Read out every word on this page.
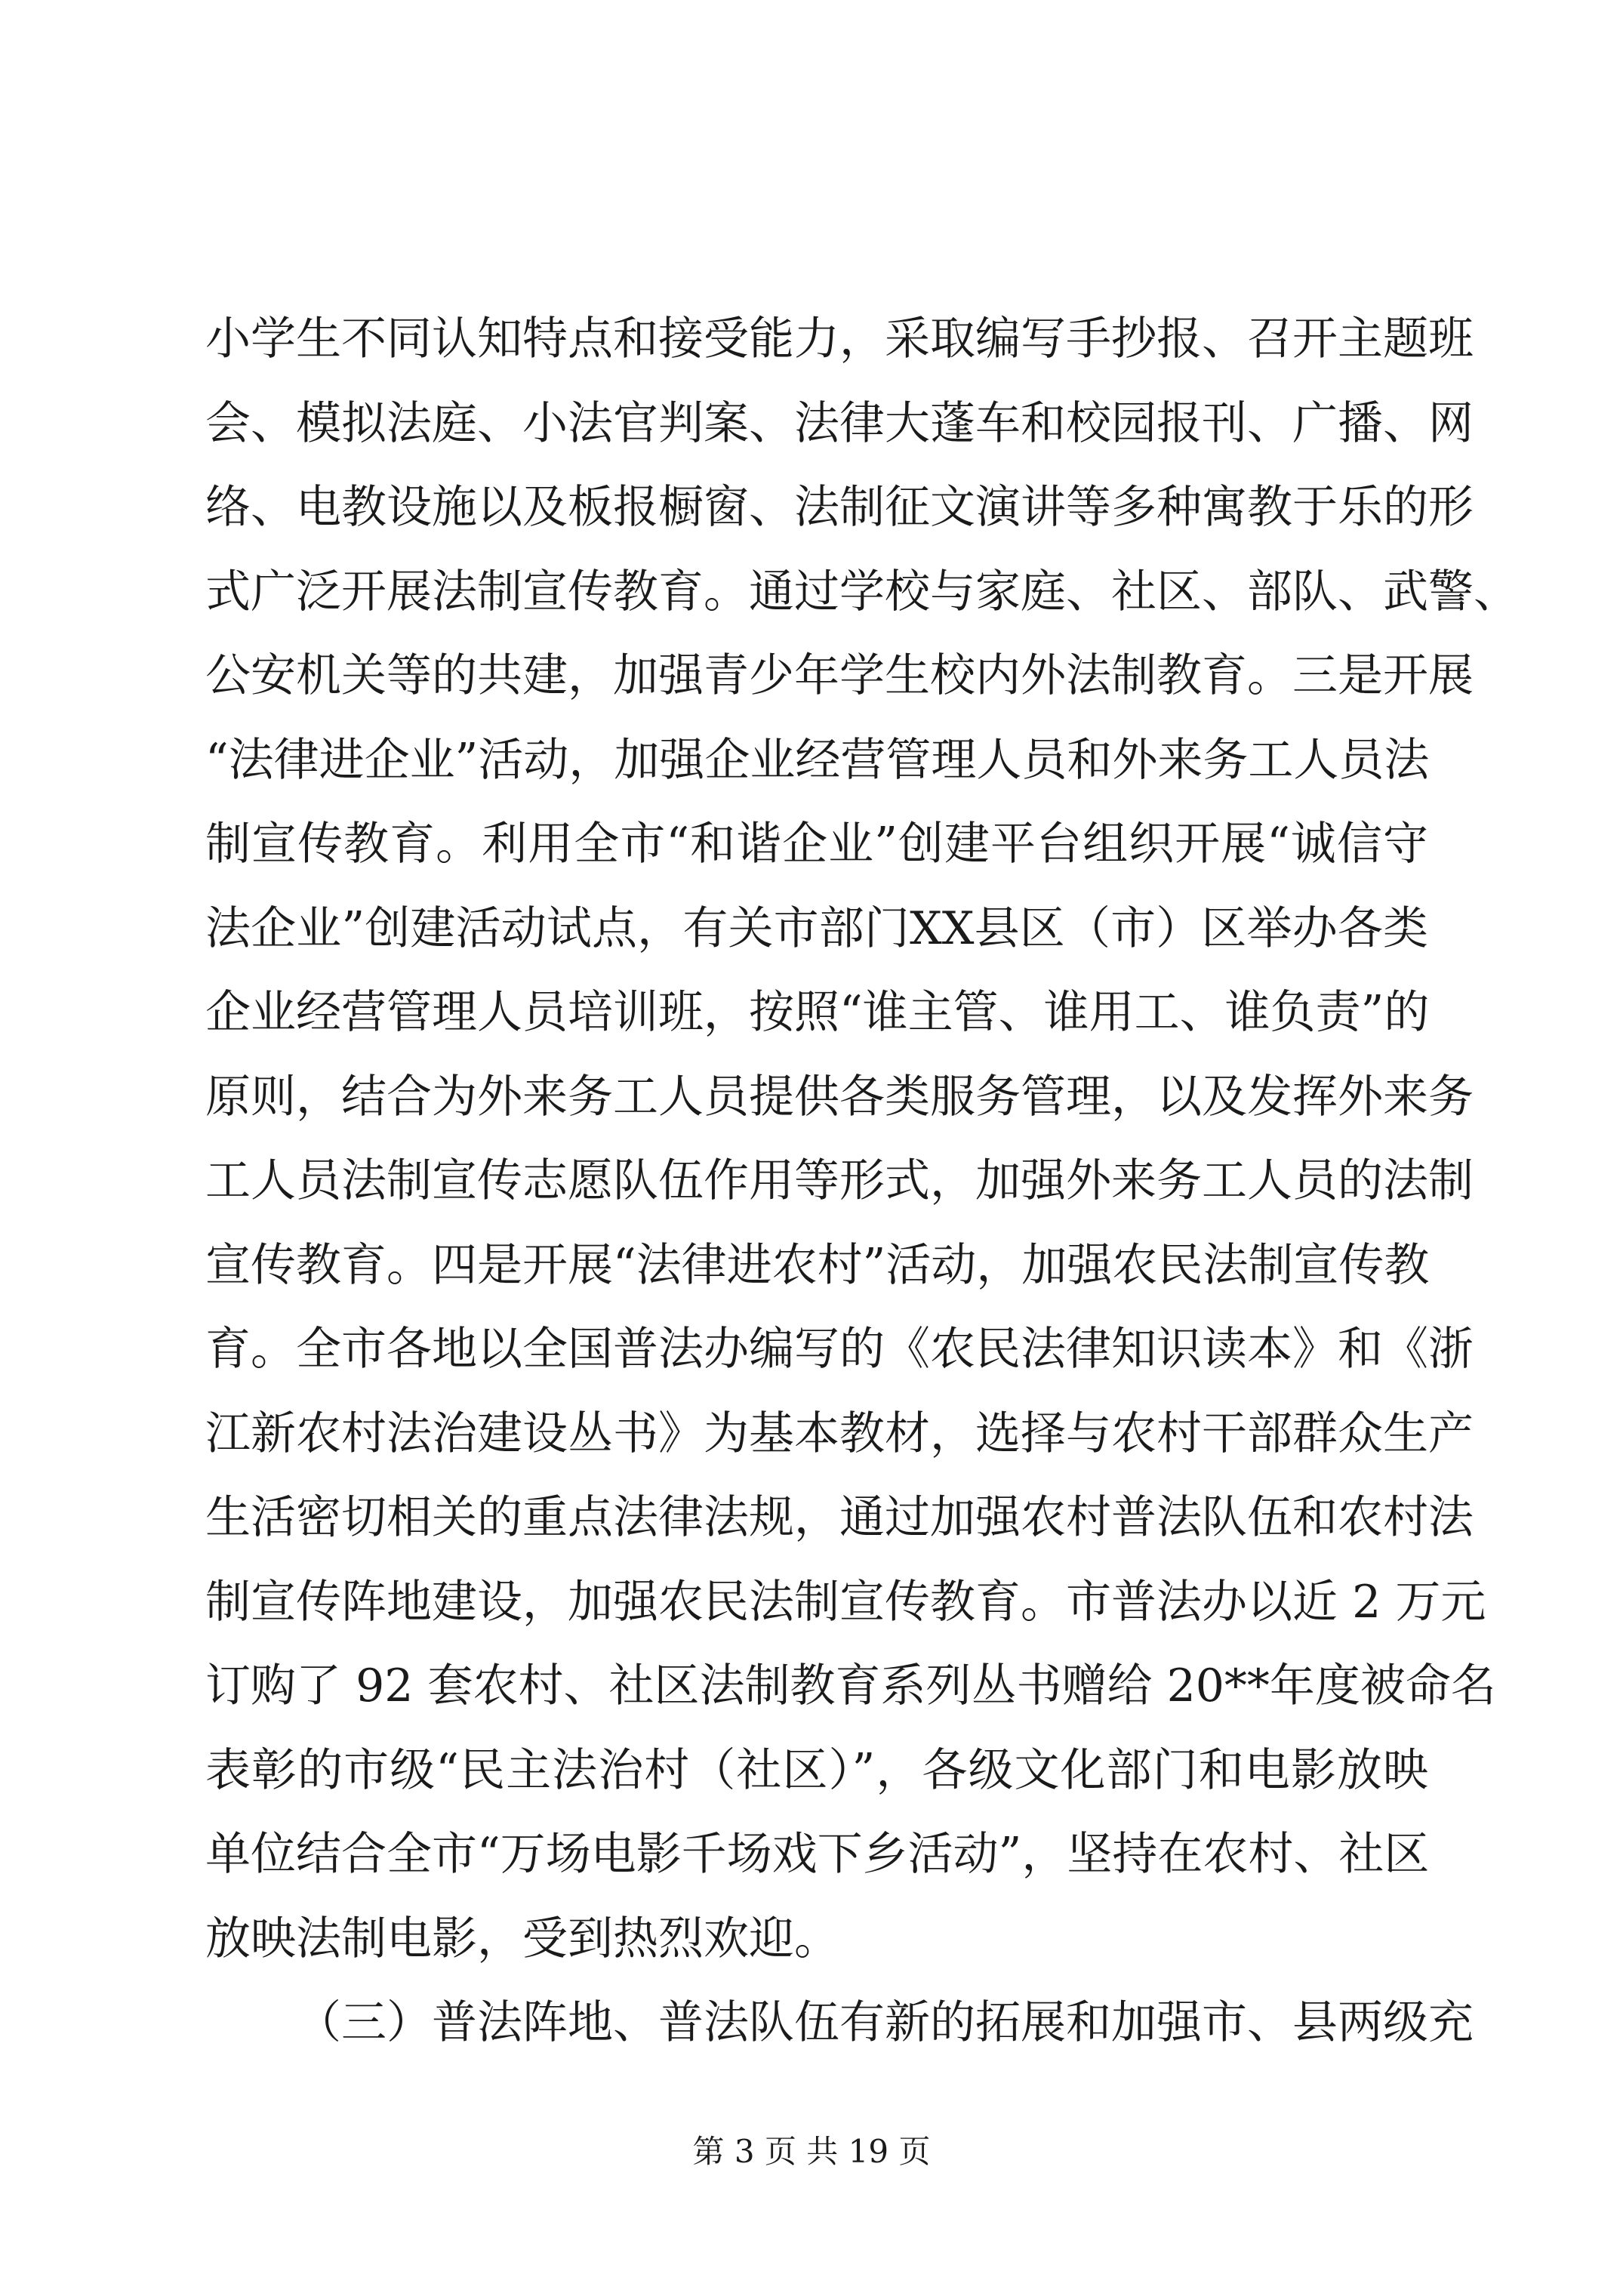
小学生不同认知特点和接受能力，采取编写手抄报、召开主题班
会、模拟法庭、小法官判案、法律大蓬车和校园报刊、广播、网
络、电教设施以及板报橱窗、法制征文演讲等多种寓教于乐的形
式广泛开展法制宣传教育。通过学校与家庭、社区、部队、武警、
公安机关等的共建，加强青少年学生校内外法制教育。三是开展
“法律进企业”活动，加强企业经营管理人员和外来务工人员法
制宣传教育。利用全市“和谐企业”创建平台组织开展“诚信守
法企业”创建活动试点，有关市部门XX县区（市）区举办各类
企业经营管理人员培训班，按照“谁主管、谁用工、谁负责”的
原则，结合为外来务工人员提供各类服务管理，以及发挥外来务
工人员法制宣传志愿队伍作用等形式，加强外来务工人员的法制
宣传教育。四是开展“法律进农村”活动，加强农民法制宣传教
育。全市各地以全国普法办编写的《农民法律知识读本》和《浙
江新农村法治建设丛书》为基本教材，选择与农村干部群众生产
生活密切相关的重点法律法规，通过加强农村普法队伍和农村法
制宣传阵地建设，加强农民法制宣传教育。市普法办以近 2 万元
订购了 92 套农村、社区法制教育系列丛书赠给 20**年度被命名
表彰的市级“民主法治村（社区）”，各级文化部门和电影放映
单位结合全市“万场电影千场戏下乡活动”，坚持在农村、社区
放映法制电影，受到热烈欢迎。
（三）普法阵地、普法队伍有新的拓展和加强市、县两级充
第 3 页 共 19 页
